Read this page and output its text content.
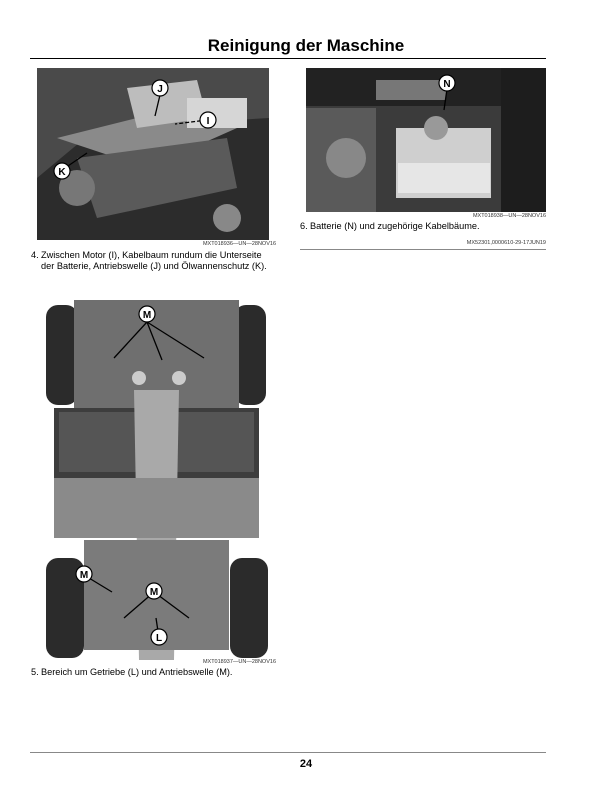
Reinigung der Maschine
J
I
K
MXT018936—UN—28NOV16
4. Zwischen Motor (I), Kabelbaum rundum die Unterseite der Batterie, Antriebswelle (J) und Ölwannenschutz (K).
M
M
M
L
MXT018937—UN—28NOV16
5. Bereich um Getriebe (L) und Antriebswelle (M).
N
MXT018938—UN—28NOV16
6. Batterie (N) und zugehörige Kabelbäume.
MX52301,0000610-29-17JUN19
24
